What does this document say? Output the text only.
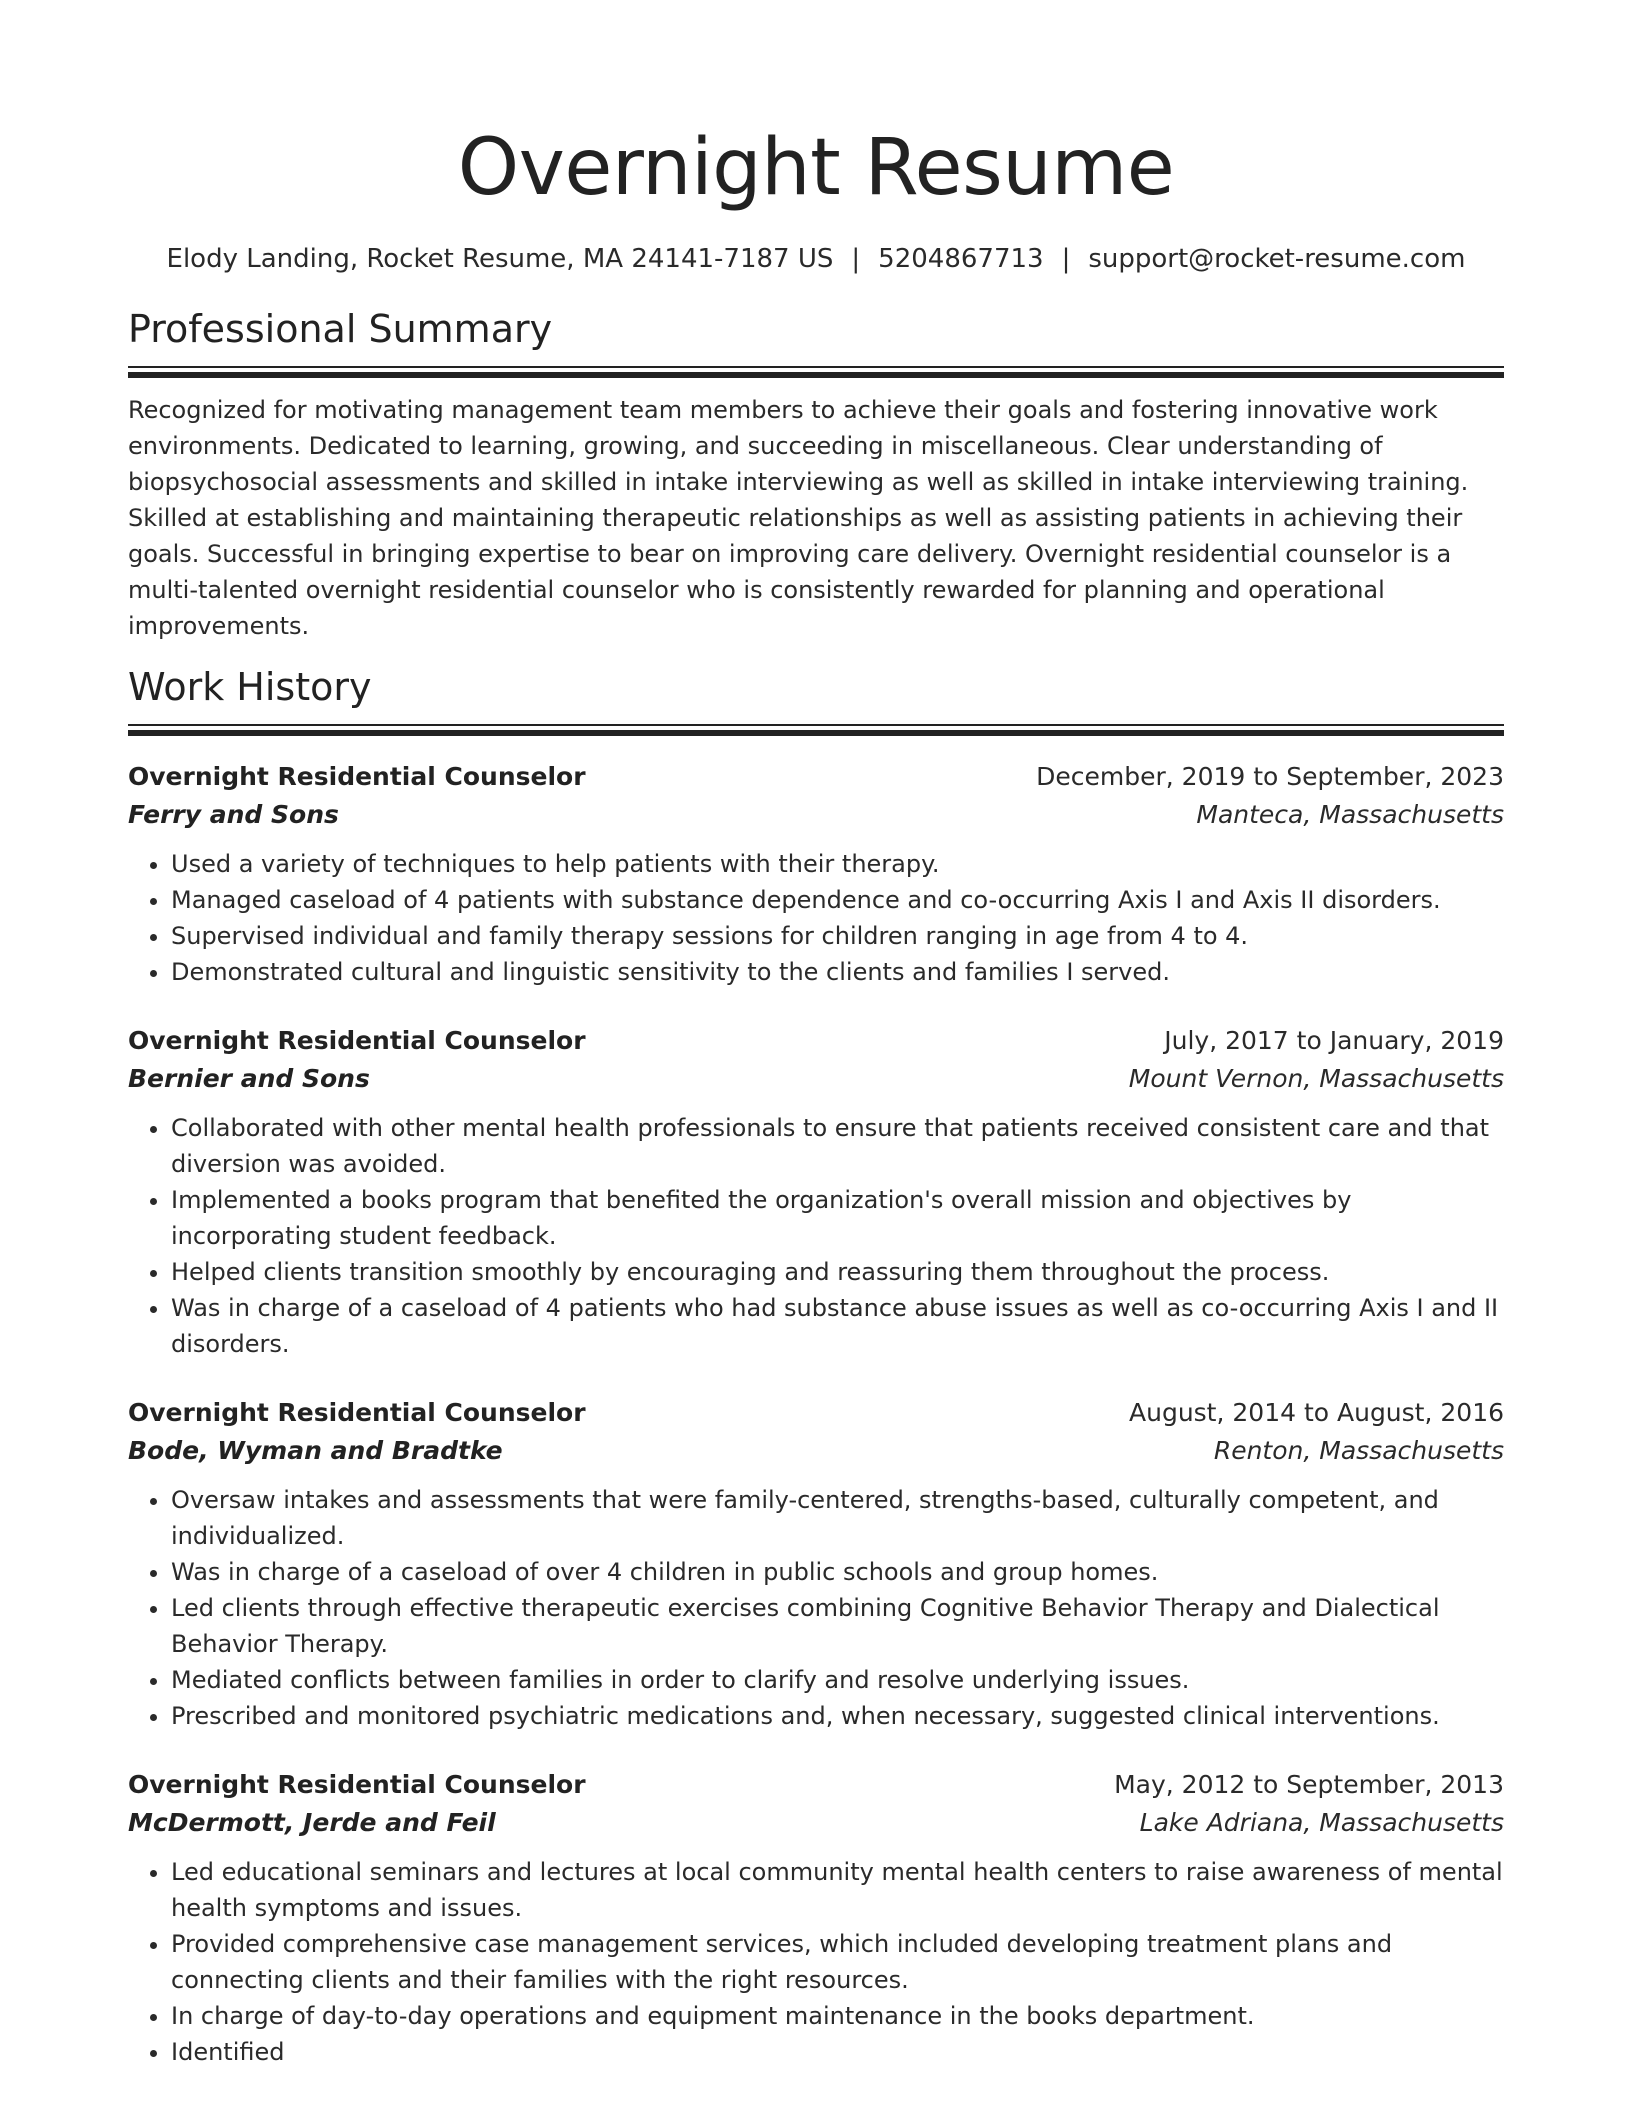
Overnight Resume
Elody Landing, Rocket Resume, MA 24141-7187 US | 5204867713 | support@rocket-resume.com
Professional Summary

Recognized for motivating management team members to achieve their goals and fostering innovative work environments. Dedicated to learning, growing, and succeeding in miscellaneous. Clear understanding of biopsychosocial assessments and skilled in intake interviewing as well as skilled in intake interviewing training. Skilled at establishing and maintaining therapeutic relationships as well as assisting patients in achieving their goals. Successful in bringing expertise to bear on improving care delivery. Overnight residential counselor is a multi-talented overnight residential counselor who is consistently rewarded for planning and operational improvements.

Work History
Overnight Residential Counselor	December, 2019 to September, 2023
Ferry and Sons	Manteca, Massachusetts
• Used a variety of techniques to help patients with their therapy.
• Managed caseload of 4 patients with substance dependence and co-occurring Axis I and Axis II disorders.
• Supervised individual and family therapy sessions for children ranging in age from 4 to 4.
• Demonstrated cultural and linguistic sensitivity to the clients and families I served.
Overnight Residential Counselor	July, 2017 to January, 2019
Bernier and Sons	Mount Vernon, Massachusetts
• Collaborated with other mental health professionals to ensure that patients received consistent care and that diversion was avoided.
• Implemented a books program that benefited the organization's overall mission and objectives by incorporating student feedback.
• Helped clients transition smoothly by encouraging and reassuring them throughout the process.
• Was in charge of a caseload of 4 patients who had substance abuse issues as well as co-occurring Axis I and II disorders.
Overnight Residential Counselor	August, 2014 to August, 2016
Bode, Wyman and Bradtke	Renton, Massachusetts
• Oversaw intakes and assessments that were family-centered, strengths-based, culturally competent, and individualized.
• Was in charge of a caseload of over 4 children in public schools and group homes.
• Led clients through effective therapeutic exercises combining Cognitive Behavior Therapy and Dialectical Behavior Therapy.
• Mediated conflicts between families in order to clarify and resolve underlying issues.
• Prescribed and monitored psychiatric medications and, when necessary, suggested clinical interventions.
Overnight Residential Counselor	May, 2012 to September, 2013
McDermott, Jerde and Feil	Lake Adriana, Massachusetts
• Led educational seminars and lectures at local community mental health centers to raise awareness of mental health symptoms and issues.
• Provided comprehensive case management services, which included developing treatment plans and connecting clients and their families with the right resources.
• In charge of day-to-day operations and equipment maintenance in the books department.
• Identified
